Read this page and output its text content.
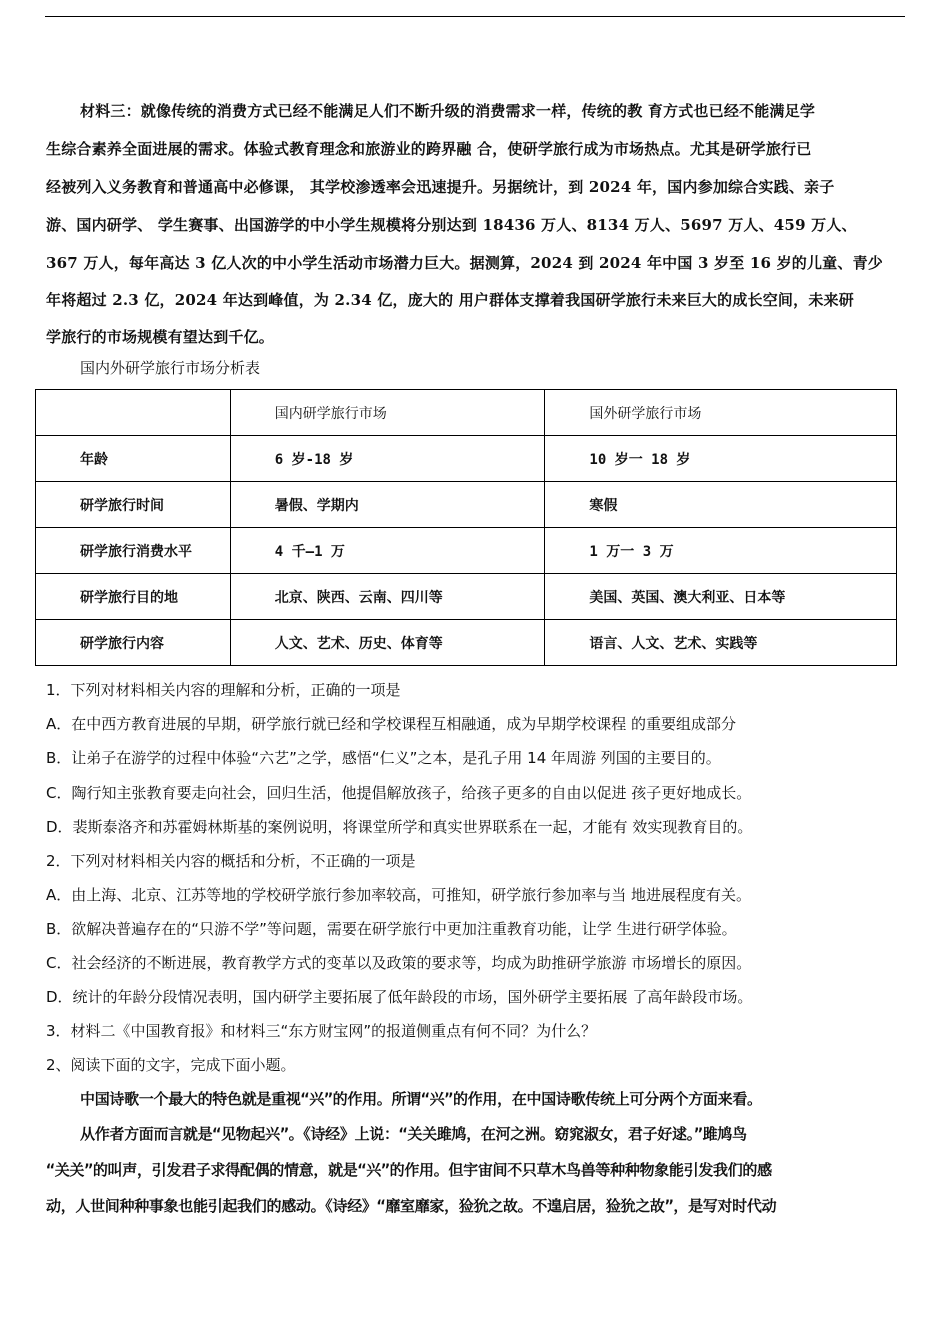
材料三：就像传统的消费方式已经不能满足人们不断升级的消费需求一样，传统的教 育方式也已经不能满足学
生综合素养全面进展的需求。体验式教育理念和旅游业的跨界融 合，使研学旅行成为市场热点。尤其是研学旅行已
经被列入义务教育和普通高中必修课， 其学校渗透率会迅速提升。另据统计，到 2024 年，国内参加综合实践、亲子
游、国内研学、 学生赛事、出国游学的中小学生规模将分别达到 18436 万人、8134 万人、5697 万人、459 万人、
367 万人，每年高达 3 亿人次的中小学生活动市场潜力巨大。据测算，2024 到 2024 年中国 3 岁至 16 岁的儿童、青少
年将超过 2.3 亿，2024 年达到峰值，为 2.34 亿，庞大的 用户群体支撑着我国研学旅行未来巨大的成长空间，未来研
学旅行的市场规模有望达到千亿。
国内外研学旅行市场分析表
	国内研学旅行市场	国外研学旅行市场
年龄	6 岁-18 岁	10 岁一 18 岁
研学旅行时间	暑假、学期内	寒假
研学旅行消费水平	4 千—1 万	1 万一 3 万
研学旅行目的地	北京、陕西、云南、四川等	美国、英国、澳大利亚、日本等
研学旅行内容	人文、艺术、历史、体育等	语言、人文、艺术、实践等
1．下列对材料相关内容的理解和分析，正确的一项是
A．在中西方教育进展的早期，研学旅行就已经和学校课程互相融通，成为早期学校课程 的重要组成部分
B．让弟子在游学的过程中体验“六艺”之学，感悟“仁义”之本，是孔子用 14 年周游 列国的主要目的。
C．陶行知主张教育要走向社会，回归生活，他提倡解放孩子，给孩子更多的自由以促进 孩子更好地成长。
D．裴斯泰洛齐和苏霍姆林斯基的案例说明，将课堂所学和真实世界联系在一起，才能有 效实现教育目的。
2．下列对材料相关内容的概括和分析，不正确的一项是
A．由上海、北京、江苏等地的学校研学旅行参加率较高，可推知，研学旅行参加率与当 地进展程度有关。
B．欲解决普遍存在的“只游不学”等问题，需要在研学旅行中更加注重教育功能，让学 生进行研学体验。
C．社会经济的不断进展，教育教学方式的变革以及政策的要求等，均成为助推研学旅游 市场增长的原因。
D．统计的年龄分段情况表明，国内研学主要拓展了低年龄段的市场，国外研学主要拓展 了高年龄段市场。
3．材料二《中国教育报》和材料三“东方财宝网”的报道侧重点有何不同？为什么？
2、阅读下面的文字，完成下面小题。
中国诗歌一个最大的特色就是重视“兴”的作用。所谓“兴”的作用，在中国诗歌传统上可分两个方面来看。
从作者方面而言就是“见物起兴”。《诗经》上说：“关关雎鸠，在河之洲。窈窕淑女，君子好逑。”雎鸠鸟
“关关”的叫声，引发君子求得配偶的情意，就是“兴”的作用。但宇宙间不只草木鸟兽等种种物象能引发我们的感
动，人世间种种事象也能引起我们的感动。《诗经》“靡室靡家，猃狁之故。不遑启居，猃狁之故”，是写对时代动
